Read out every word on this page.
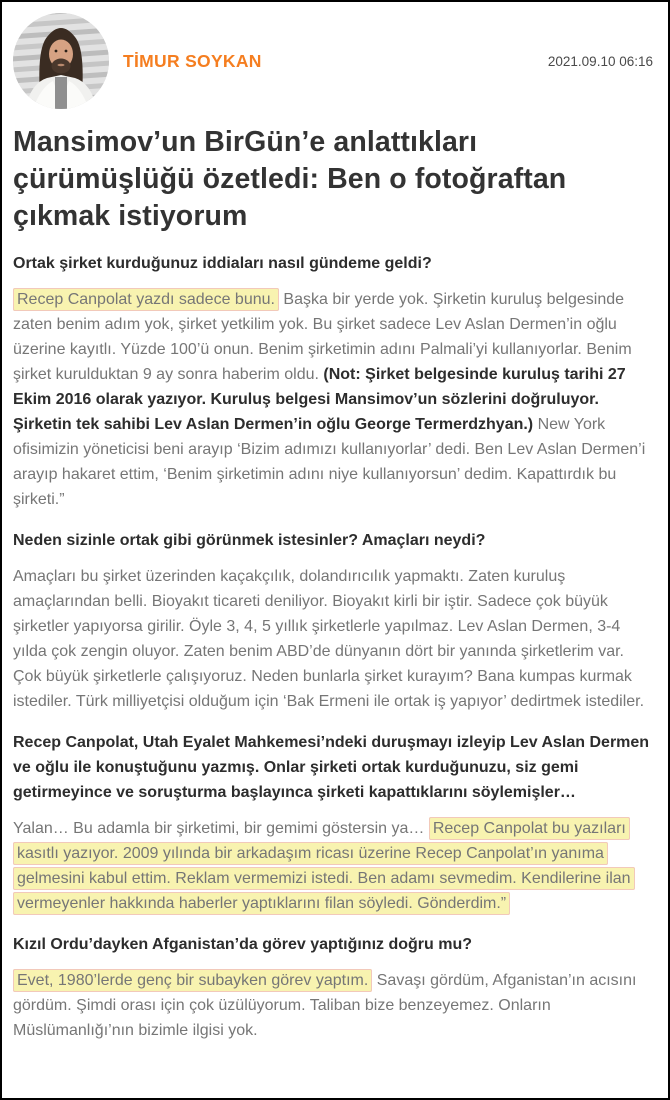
TİMUR SOYKAN	2021.09.10 06:16
Mansimov’un BirGün’e anlattıkları çürümüşlüğü özetledi: Ben o fotoğraftan çıkmak istiyorum

Ortak şirket kurduğunuz iddiaları nasıl gündeme geldi?

Recep Canpolat yazdı sadece bunu. Başka bir yerde yok. Şirketin kuruluş belgesinde zaten benim adım yok, şirket yetkilim yok. Bu şirket sadece Lev Aslan Dermen’in oğlu üzerine kayıtlı. Yüzde 100’ü onun. Benim şirketimin adını Palmali’yi kullanıyorlar. Benim şirket kurulduktan 9 ay sonra haberim oldu. (Not: Şirket belgesinde kuruluş tarihi 27 Ekim 2016 olarak yazıyor. Kuruluş belgesi Mansimov’un sözlerini doğruluyor. Şirketin tek sahibi Lev Aslan Dermen’in oğlu George Termerdzhyan.) New York ofisimizin yöneticisi beni arayıp ‘Bizim adımızı kullanıyorlar’ dedi. Ben Lev Aslan Dermen’i arayıp hakaret ettim, ‘Benim şirketimin adını niye kullanıyorsun’ dedim. Kapattırdık bu şirketi.”

Neden sizinle ortak gibi görünmek istesinler? Amaçları neydi?

Amaçları bu şirket üzerinden kaçakçılık, dolandırıcılık yapmaktı. Zaten kuruluş amaçlarından belli. Bioyakıt ticareti deniliyor. Bioyakıt kirli bir iştir. Sadece çok büyük şirketler yapıyorsa girilir. Öyle 3, 4, 5 yıllık şirketlerle yapılmaz. Lev Aslan Dermen, 3-4 yılda çok zengin oluyor. Zaten benim ABD’de dünyanın dört bir yanında şirketlerim var. Çok büyük şirketlerle çalışıyoruz. Neden bunlarla şirket kurayım? Bana kumpas kurmak istediler. Türk milliyetçisi olduğum için ‘Bak Ermeni ile ortak iş yapıyor’ dedirtmek istediler.

Recep Canpolat, Utah Eyalet Mahkemesi’ndeki duruşmayı izleyip Lev Aslan Dermen ve oğlu ile konuştuğunu yazmış. Onlar şirketi ortak kurduğunuzu, siz gemi getirmeyince ve soruşturma başlayınca şirketi kapattıklarını söylemişler…

Yalan… Bu adamla bir şirketimi, bir gemimi göstersin ya… Recep Canpolat bu yazıları kasıtlı yazıyor. 2009 yılında bir arkadaşım ricası üzerine Recep Canpolat’ın yanıma gelmesini kabul ettim. Reklam vermemizi istedi. Ben adamı sevmedim. Kendilerine ilan vermeyenler hakkında haberler yaptıklarını filan söyledi. Gönderdim.”

Kızıl Ordu’dayken Afganistan’da görev yaptığınız doğru mu?

Evet, 1980’lerde genç bir subayken görev yaptım. Savaşı gördüm, Afganistan’ın acısını gördüm. Şimdi orası için çok üzülüyorum. Taliban bize benzeyemez. Onların Müslümanlığı’nın bizimle ilgisi yok.
